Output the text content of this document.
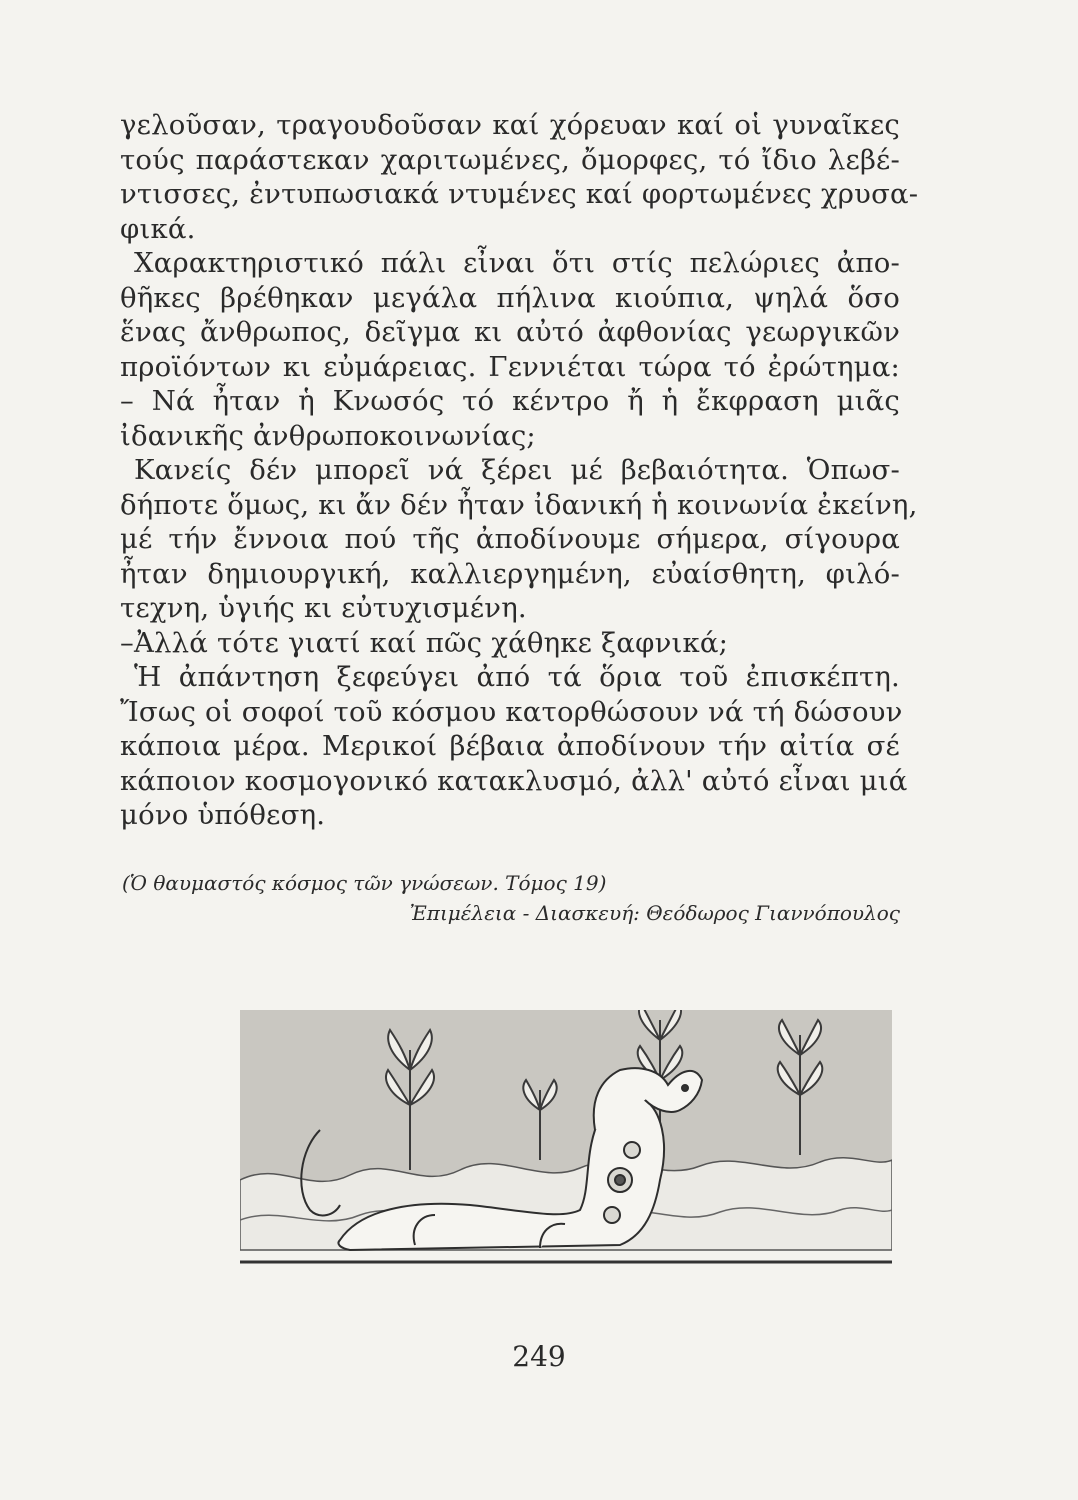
γελοῦσαν, τραγουδοῦσαν καί χόρευαν καί οἱ γυναῖκες
τούς παράστεκαν χαριτωμένες, ὄμορφες, τό ἴδιο λεβέ-
ντισσες, ἐντυπωσιακά ντυμένες καί φορτωμένες χρυσα-
φικά.
Χαρακτηριστικό πάλι εἶναι ὅτι στίς πελώριες ἀπο-
θῆκες βρέθηκαν μεγάλα πήλινα κιούπια, ψηλά ὅσο
ἕνας ἄνθρωπος, δεῖγμα κι αὐτό ἀφθονίας γεωργικῶν
προϊόντων κι εὐμάρειας. Γεννιέται τώρα τό ἐρώτημα:
– Νά ἦταν ἡ Κνωσός τό κέντρο ἤ ἡ ἔκφραση μιᾶς
ἰδανικῆς ἀνθρωποκοινωνίας;
Κανείς δέν μπορεῖ νά ξέρει μέ βεβαιότητα. Ὁπωσ-
δήποτε ὅμως, κι ἄν δέν ἦταν ἰδανική ἡ κοινωνία ἐκείνη,
μέ τήν ἔννοια πού τῆς ἀποδίνουμε σήμερα, σίγουρα
ἦταν δημιουργική, καλλιεργημένη, εὐαίσθητη, φιλό-
τεχνη, ὑγιής κι εὐτυχισμένη.
–Ἀλλά τότε γιατί καί πῶς χάθηκε ξαφνικά;
Ἡ ἀπάντηση ξεφεύγει ἀπό τά ὅρια τοῦ ἐπισκέπτη.
Ἴσως οἱ σοφοί τοῦ κόσμου κατορθώσουν νά τή δώσουν
κάποια μέρα. Μερικοί βέβαια ἀποδίνουν τήν αἰτία σέ
κάποιον κοσμογονικό κατακλυσμό, ἀλλ' αὐτό εἶναι μιά
μόνο ὑπόθεση.
(Ὁ θαυμαστός κόσμος τῶν γνώσεων. Τόμος 19)
Ἐπιμέλεια - Διασκευή: Θεόδωρος Γιαννόπουλος
249
